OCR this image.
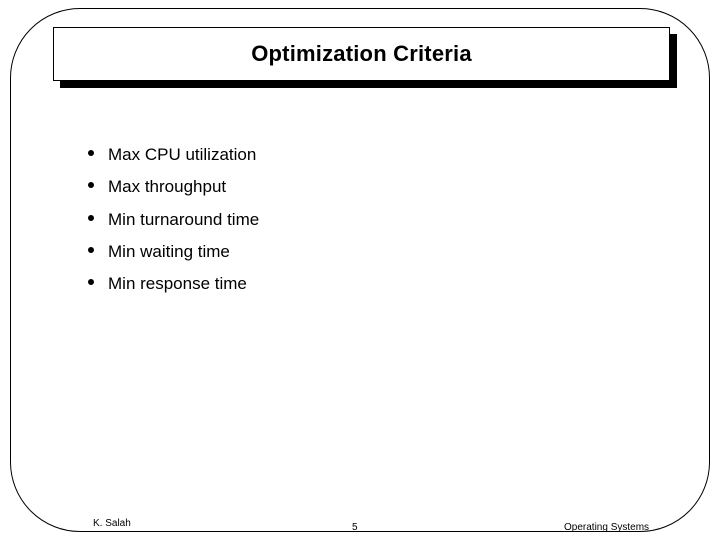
Optimization Criteria
Max CPU utilization
Max throughput
Min turnaround time
Min waiting time
Min response time
K. Salah	5	Operating Systems
